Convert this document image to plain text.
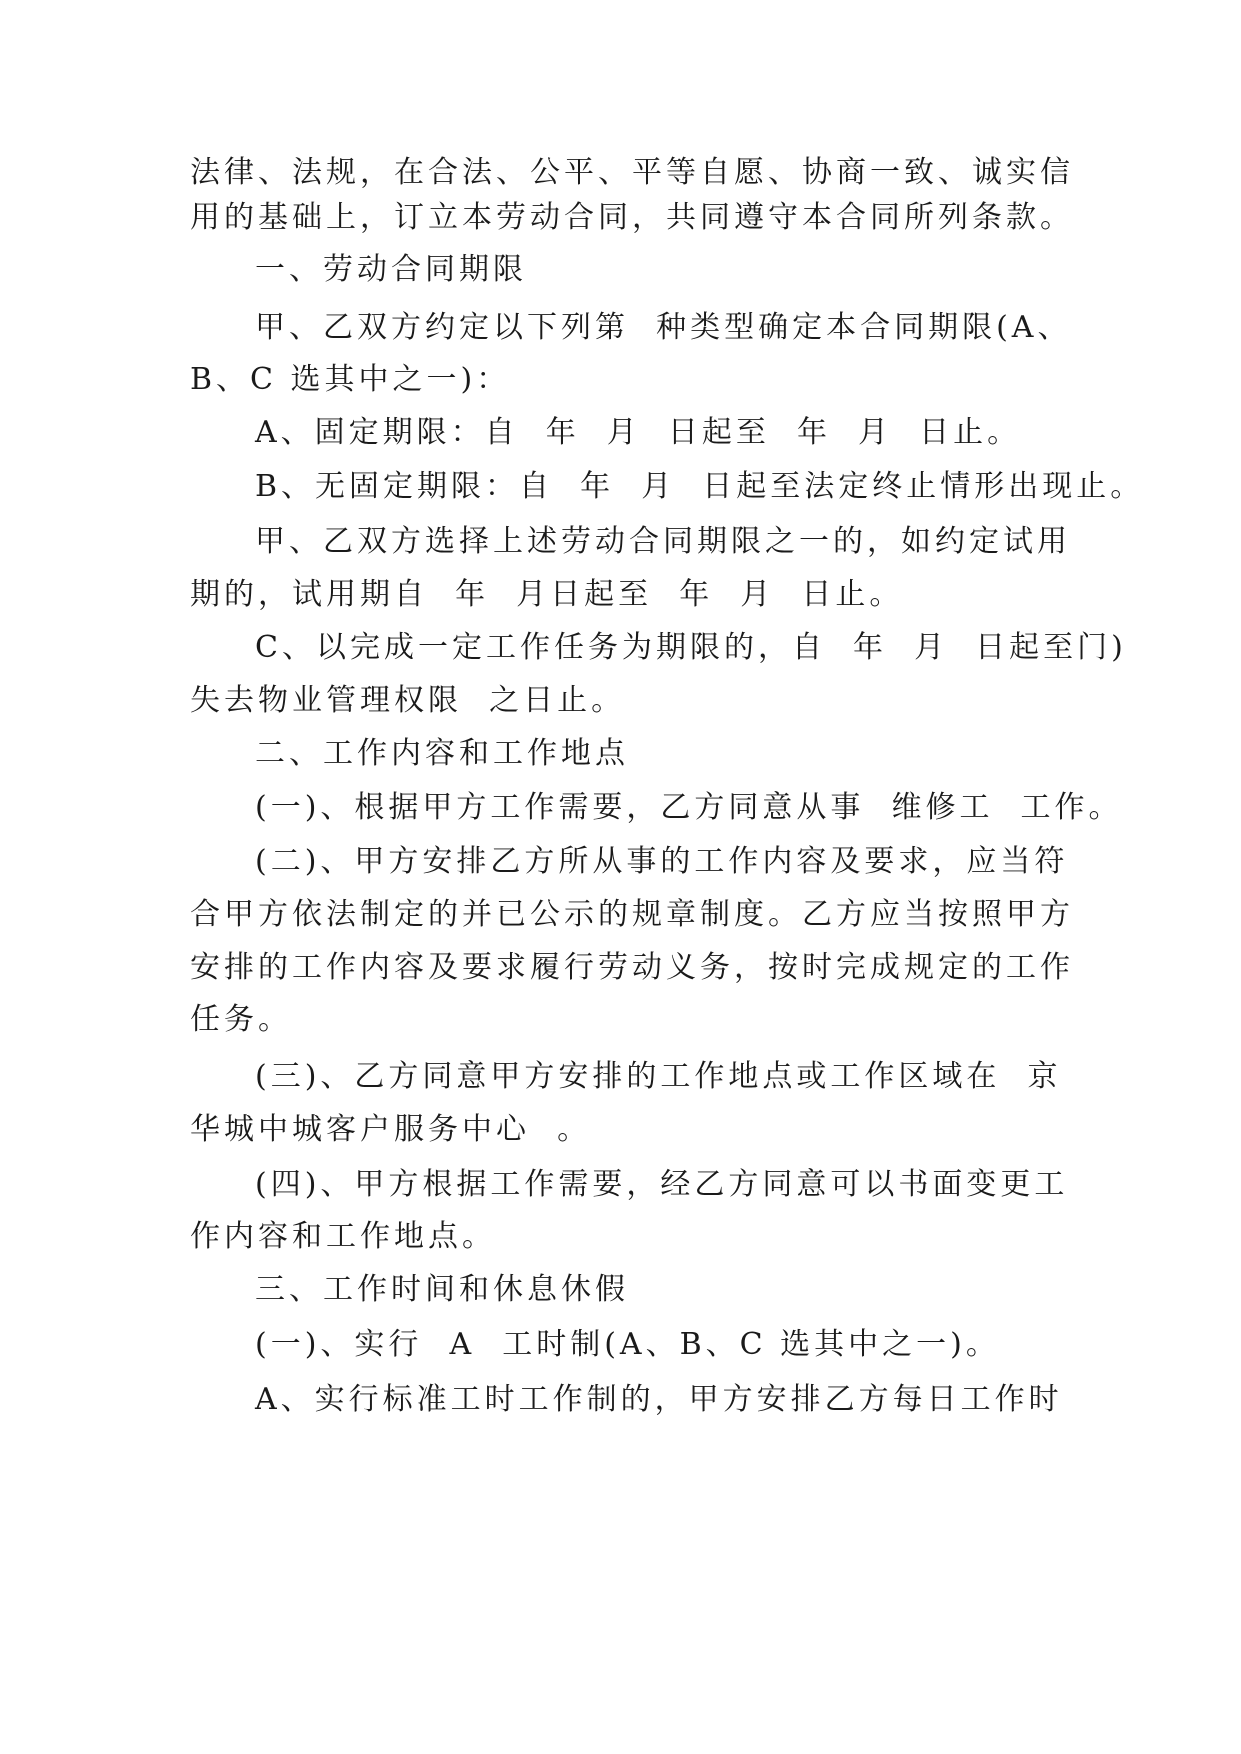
法律、法规，在合法、公平、平等自愿、协商一致、诚实信
用的基础上，订立本劳动合同，共同遵守本合同所列条款。
一、劳动合同期限
甲、乙双方约定以下列第  种类型确定本合同期限(A、
B、C 选其中之一)：
A、固定期限：自  年  月  日起至  年  月  日止。
B、无固定期限：自  年  月  日起至法定终止情形出现止。
甲、乙双方选择上述劳动合同期限之一的，如约定试用
期的，试用期自  年  月日起至  年  月  日止。
C、以完成一定工作任务为期限的，自  年  月  日起至门)
失去物业管理权限  之日止。
二、工作内容和工作地点
(一)、根据甲方工作需要，乙方同意从事  维修工  工作。
(二)、甲方安排乙方所从事的工作内容及要求，应当符
合甲方依法制定的并已公示的规章制度。乙方应当按照甲方
安排的工作内容及要求履行劳动义务，按时完成规定的工作
任务。
(三)、乙方同意甲方安排的工作地点或工作区域在  京
华城中城客户服务中心  。
(四)、甲方根据工作需要，经乙方同意可以书面变更工
作内容和工作地点。
三、工作时间和休息休假
(一)、实行  A  工时制(A、B、C 选其中之一)。
A、实行标准工时工作制的，甲方安排乙方每日工作时
